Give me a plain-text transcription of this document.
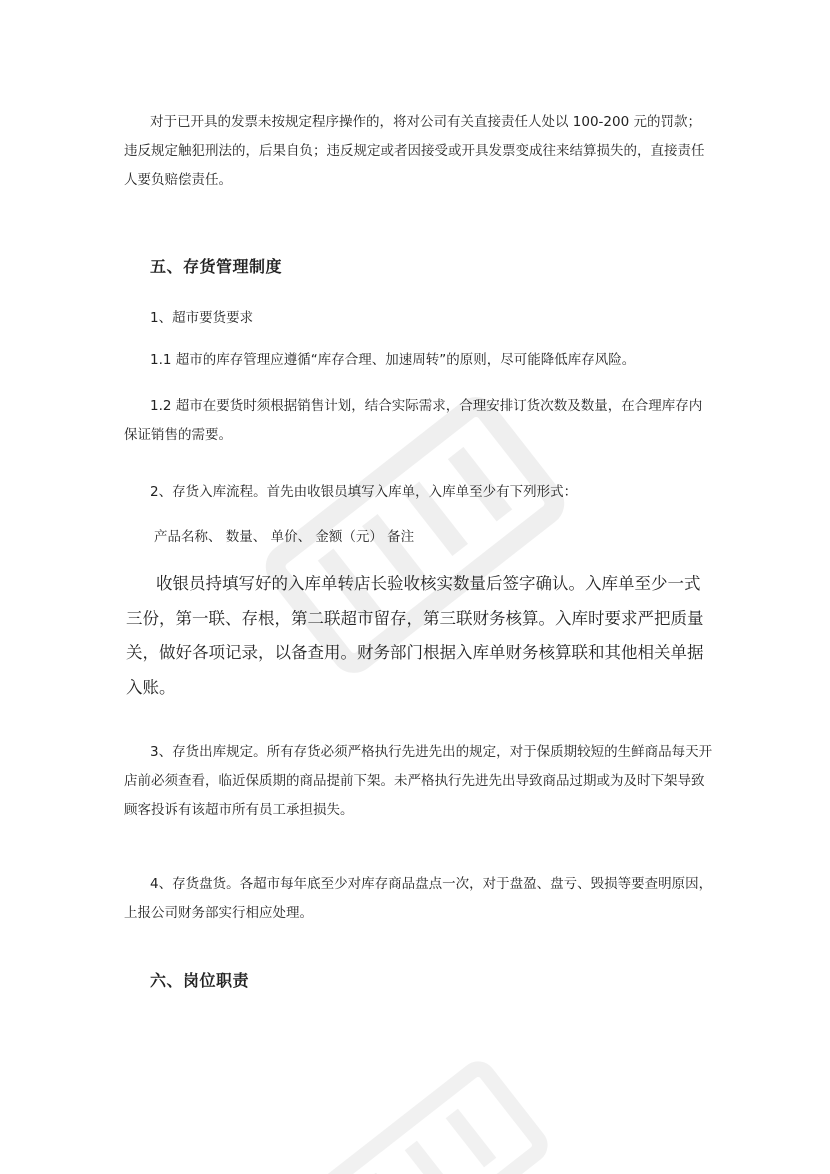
对于已开具的发票未按规定程序操作的，将对公司有关直接责任人处以 100-200 元的罚款；违反规定触犯刑法的，后果自负；违反规定或者因接受或开具发票变成往来结算损失的，直接责任人要负赔偿责任。

五、存货管理制度

1、超市要货要求

1.1 超市的库存管理应遵循“库存合理、加速周转”的原则，尽可能降低库存风险。

1.2 超市在要货时须根据销售计划，结合实际需求，合理安排订货次数及数量，在合理库存内保证销售的需要。

2、存货入库流程。首先由收银员填写入库单，入库单至少有下列形式：

产品名称 、 数量、 单价、 金额（元） 备注

收银员持填写好的入库单转店长验收核实数量后签字确认。入库单至少一式三份，第一联、存根，第二联超市留存，第三联财务核算。入库时要求严把质量关，做好各项记录，以备查用。财务部门根据入库单财务核算联和其他相关单据入账。

3、存货出库规定。所有存货必须严格执行先进先出的规定，对于保质期较短的生鲜商品每天开店前必须查看，临近保质期的商品提前下架。未严格执行先进先出导致商品过期或为及时下架导致顾客投诉有该超市所有员工承担损失。

4、存货盘货。各超市每年底至少对库存商品盘点一次，对于盘盈、盘亏、毁损等要查明原因，上报公司财务部实行相应处理。

六、岗位职责
